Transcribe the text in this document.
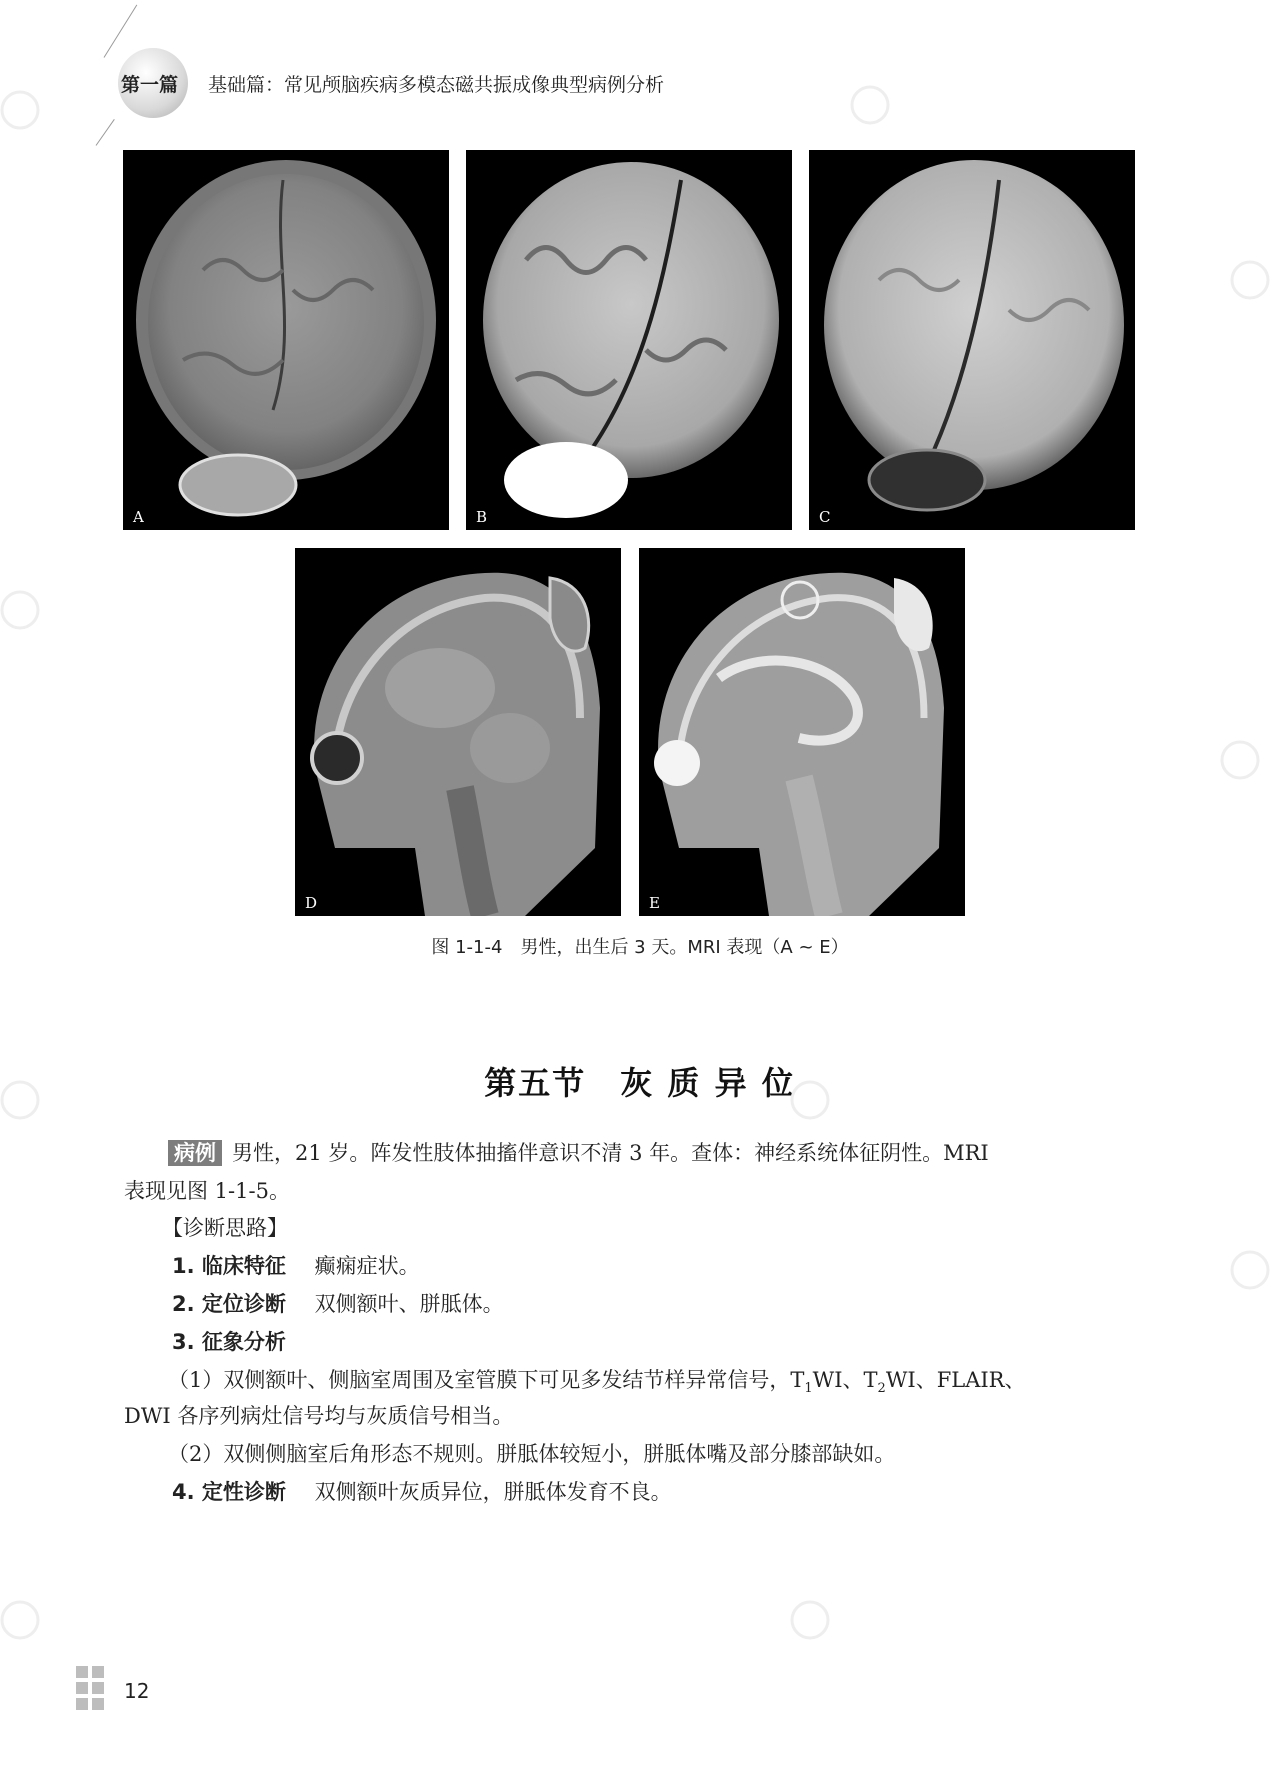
第一篇 基础篇：常见颅脑疾病多模态磁共振成像典型病例分析
A	B	C
D	E
图 1-1-4　男性，出生后 3 天。MRI 表现（A ~ E）
第五节　灰 质 异 位
病例 男性，21 岁。阵发性肢体抽搐伴意识不清 3 年。查体：神经系统体征阴性。MRI
表现见图 1-1-5。
【诊断思路】
1. 临床特征 癫痫症状。
2. 定位诊断 双侧额叶、胼胝体。
3. 征象分析
（1）双侧额叶、侧脑室周围及室管膜下可见多发结节样异常信号，$T_1WI$、$T_2WI$、FLAIR、
DWI 各序列病灶信号均与灰质信号相当。
（2）双侧侧脑室后角形态不规则。胼胝体较短小，胼胝体嘴及部分膝部缺如。
4. 定性诊断 双侧额叶灰质异位，胼胝体发育不良。
12
